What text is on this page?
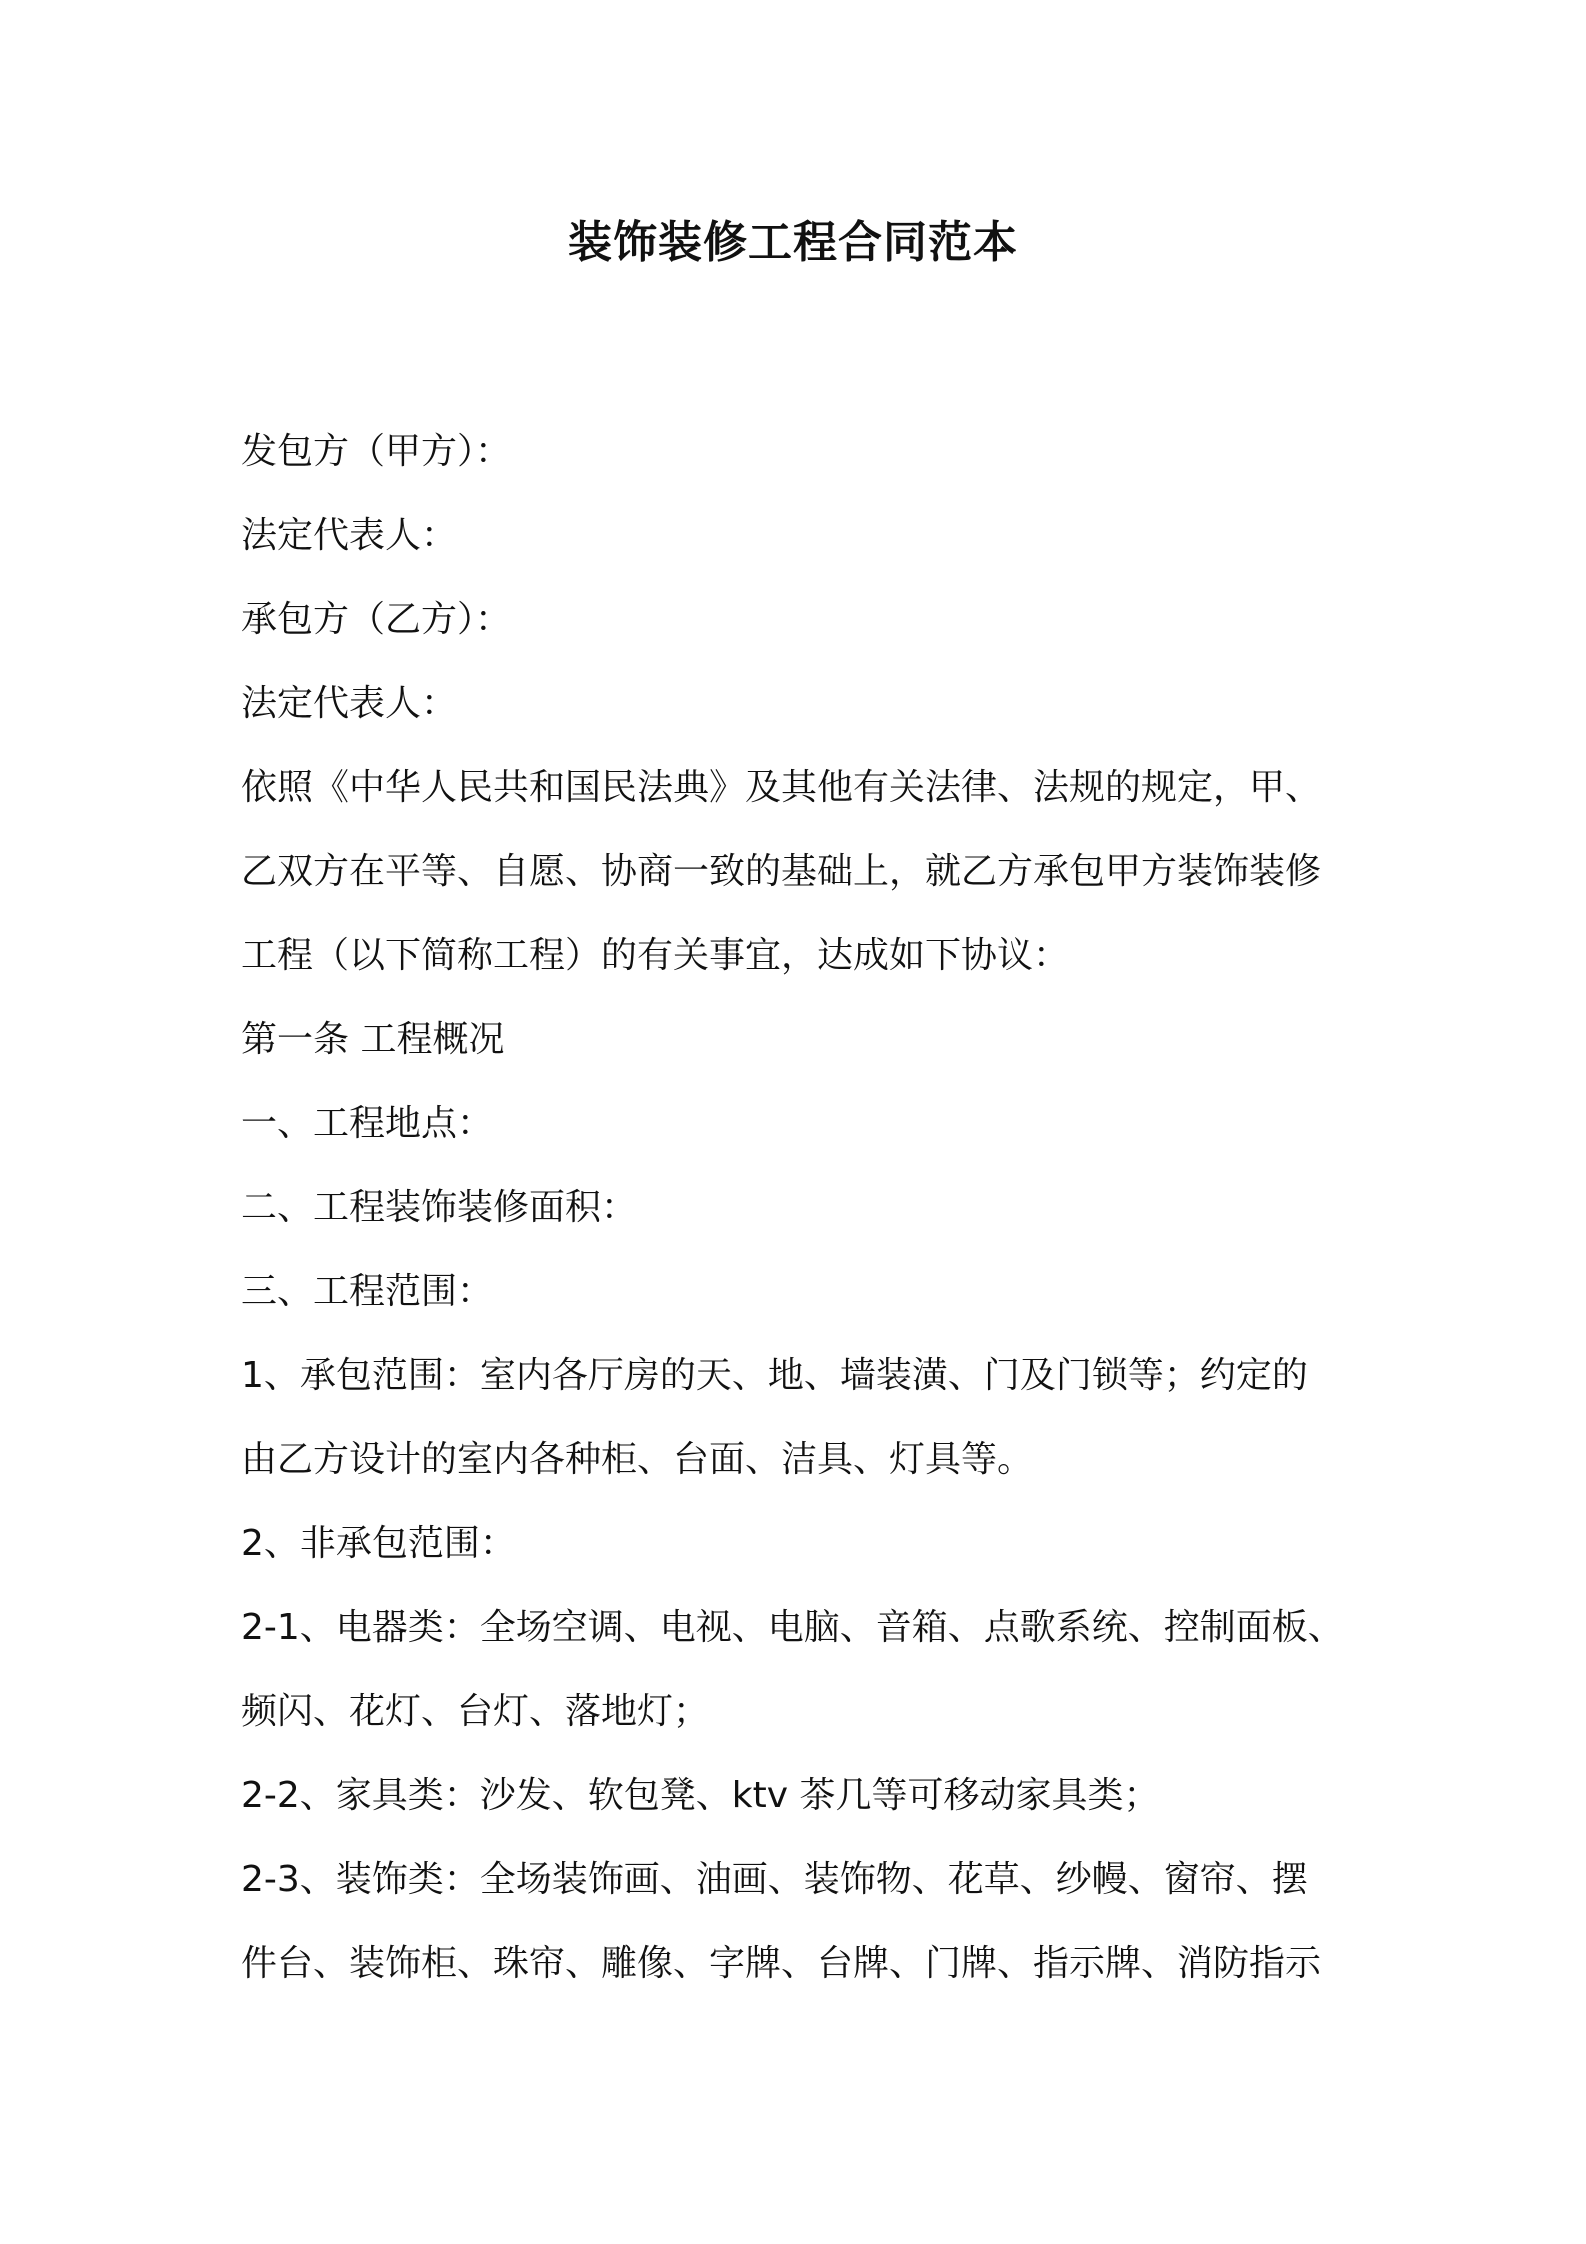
装饰装修工程合同范本

发包方（甲方）：

法定代表人：

承包方（乙方）：

法定代表人：

依照《中华人民共和国民法典》及其他有关法律、法规的规定，甲、

乙双方在平等、自愿、协商一致的基础上，就乙方承包甲方装饰装修

工程（以下简称工程）的有关事宜，达成如下协议：

第一条 工程概况

一、工程地点：

二、工程装饰装修面积：

三、工程范围：

1、承包范围：室内各厅房的天、地、墙装潢、门及门锁等；约定的

由乙方设计的室内各种柜、台面、洁具、灯具等。

2、非承包范围：

2-1、电器类：全场空调、电视、电脑、音箱、点歌系统、控制面板、

频闪、花灯、台灯、落地灯；

2-2、家具类：沙发、软包凳、ktv 茶几等可移动家具类；

2-3、装饰类：全场装饰画、油画、装饰物、花草、纱幔、窗帘、摆

件台、装饰柜、珠帘、雕像、字牌、台牌、门牌、指示牌、消防指示
